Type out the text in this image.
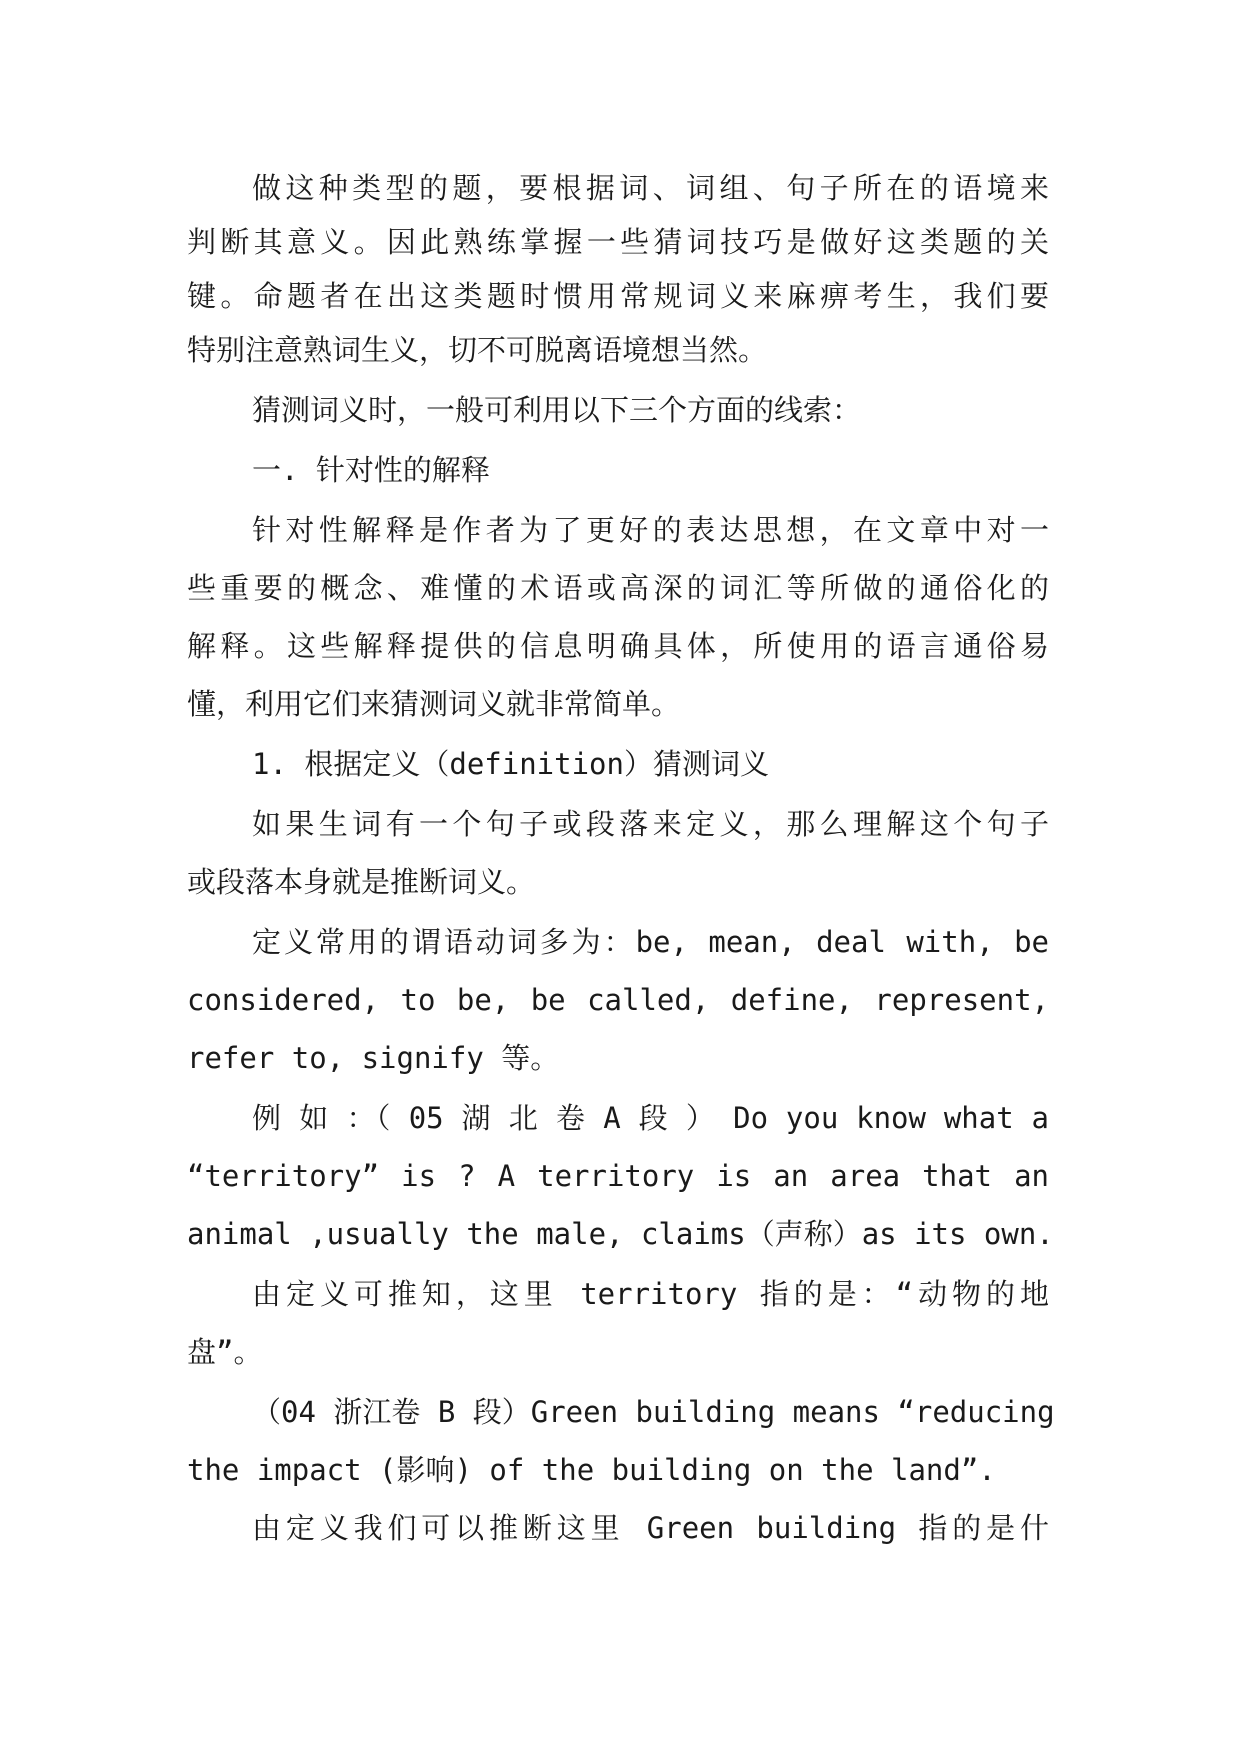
做这种类型的题，要根据词、词组、句子所在的语境来
判断其意义。因此熟练掌握一些猜词技巧是做好这类题的关
键。命题者在出这类题时惯用常规词义来麻痹考生，我们要
特别注意熟词生义，切不可脱离语境想当然。
猜测词义时，一般可利用以下三个方面的线索：
一. 针对性的解释
针对性解释是作者为了更好的表达思想，在文章中对一
些重要的概念、难懂的术语或高深的词汇等所做的通俗化的
解释。这些解释提供的信息明确具体，所使用的语言通俗易
懂，利用它们来猜测词义就非常简单。
1. 根据定义（definition）猜测词义
如果生词有一个句子或段落来定义，那么理解这个句子
或段落本身就是推断词义。
定义常用的谓语动词多为：be, mean, deal with, be
considered, to be, be called, define, represent,
refer to, signify 等。
例 如 ：（ 05 湖 北 卷 A 段 ） Do you know what a
“territory” is ? A territory is an area that an
animal ,usually the male, claims（声称）as its own.
由定义可推知，这里 territory 指的是：“动物的地
盘”。
（04 浙江卷 B 段）Green building means “reducing
the impact (影响) of the building on the land”.
由定义我们可以推断这里 Green building 指的是什
